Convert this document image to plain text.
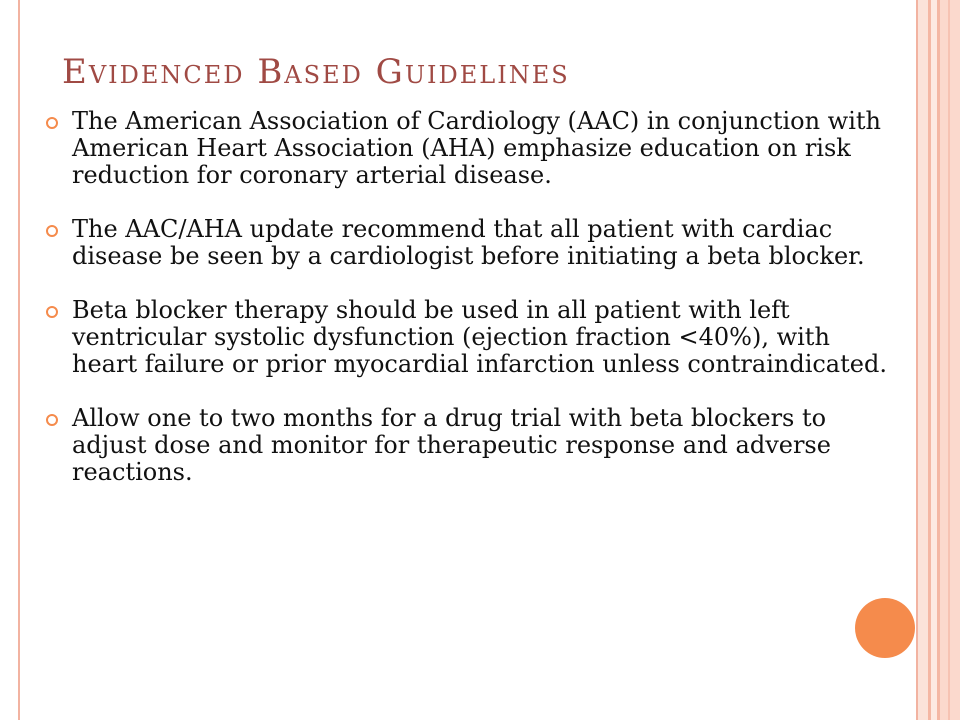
Evidenced Based Guidelines
The American Association of Cardiology (AAC) in conjunction with American Heart Association (AHA) emphasize education on risk reduction for coronary arterial disease.
The AAC/AHA update recommend that all patient with cardiac disease be seen by a cardiologist before initiating a beta blocker.
Beta blocker therapy should be used in all patient with left ventricular systolic dysfunction (ejection fraction <40%), with heart failure or prior myocardial infarction unless contraindicated.
Allow one to two months for a drug trial with beta blockers to adjust dose and monitor for therapeutic response and adverse reactions.
